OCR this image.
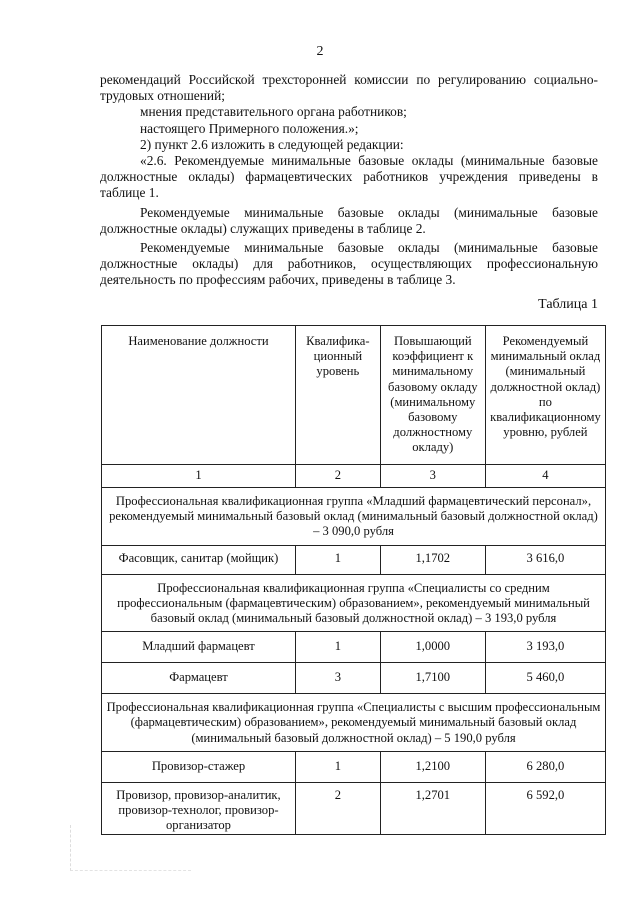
2

рекомендаций Российской трехсторонней комиссии по регулированию социально-трудовых отношений;

мнения представительного органа работников;

настоящего Примерного положения.»;

2) пункт 2.6 изложить в следующей редакции:

«2.6. Рекомендуемые минимальные базовые оклады (минимальные базовые должностные оклады) фармацевтических работников учреждения приведены в таблице 1.

Рекомендуемые минимальные базовые оклады (минимальные базовые должностные оклады) служащих приведены в таблице 2.

Рекомендуемые минимальные базовые оклады (минимальные базовые должностные оклады) для работников, осуществляющих профессиональную деятельность по профессиям рабочих, приведены в таблице 3.

Таблица 1
Наименование должности	Квалифика-ционный уровень	Повышающий коэффициент к минимальному базовому окладу (минимальному базовому должностному окладу)	Рекомендуемый минимальный оклад (минимальный должностной оклад) по квалификационному уровню, рублей
1	2	3	4
Профессиональная квалификационная группа «Младший фармацевтический персонал», рекомендуемый минимальный базовый оклад (минимальный базовый должностной оклад) – 3 090,0 рубля			
Фасовщик, санитар (мойщик)	1	1,1702	3 616,0
Профессиональная квалификационная группа «Специалисты со средним профессиональным (фармацевтическим) образованием», рекомендуемый минимальный базовый оклад (минимальный базовый должностной оклад) – 3 193,0 рубля			
Младший фармацевт	1	1,0000	3 193,0
Фармацевт	3	1,7100	5 460,0
Профессиональная квалификационная группа «Специалисты с высшим профессиональным (фармацевтическим) образованием», рекомендуемый минимальный базовый оклад (минимальный базовый должностной оклад) – 5 190,0 рубля			
Провизор-стажер	1	1,2100	6 280,0
Провизор, провизор-аналитик, провизор-технолог, провизор-организатор	2	1,2701	6 592,0
